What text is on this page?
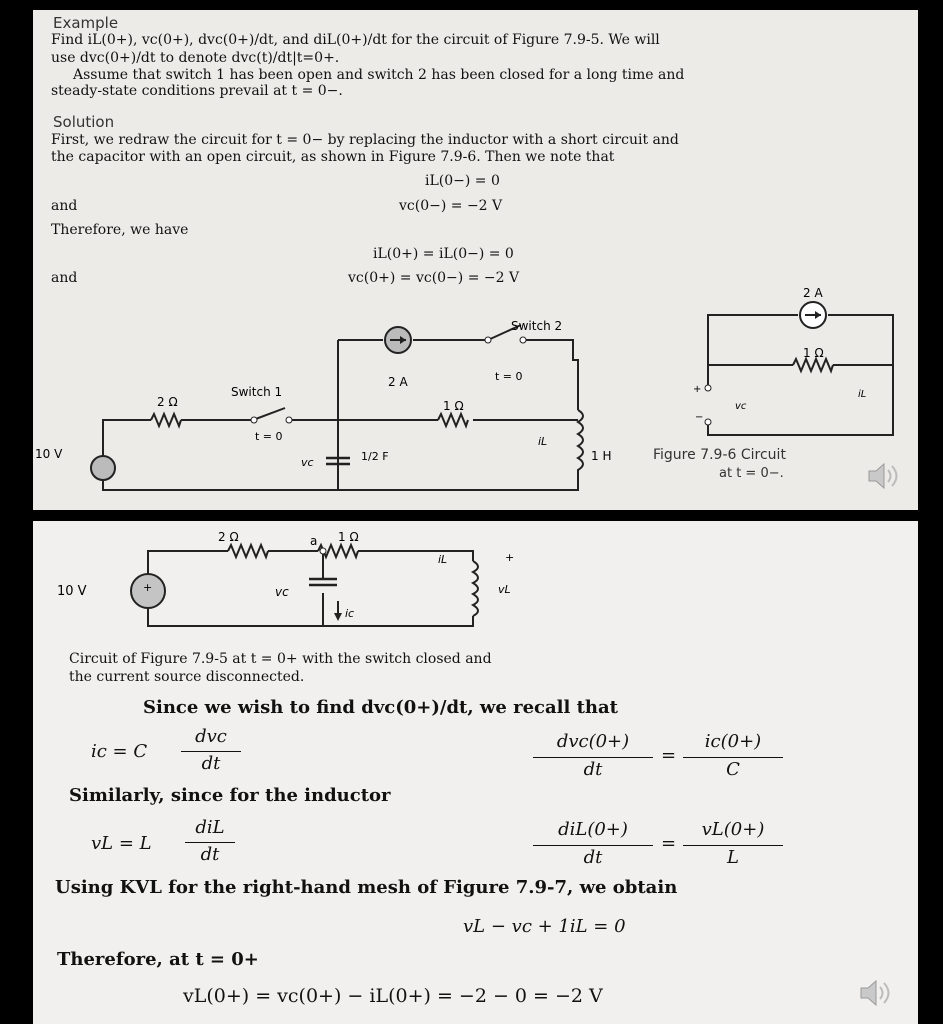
Example
Find iL(0+), vc(0+), dvc(0+)/dt, and diL(0+)/dt for the circuit of Figure 7.9-5. We will
use dvc(0+)/dt to denote dvc(t)/dt|t=0+.
Assume that switch 1 has been open and switch 2 has been closed for a long time and
steady-state conditions prevail at t = 0−.
Solution
First, we redraw the circuit for t = 0− by replacing the inductor with a short circuit and
the capacitor with an open circuit, as shown in Figure 7.9-6. Then we note that
iL(0−) = 0
and	vc(0−) = −2 V
Therefore, we have
iL(0+) = iL(0−) = 0
and	vc(0+) = vc(0−) = −2 V
Switch 1
t = 0
Switch 2
t = 0
2 Ω	1 Ω
10 V
2 A
1/2 F	1 H
vc
iL
2 A
1 Ω
vc
iL
+
−
Figure 7.9-6 Circuit
at t = 0−.
+
2 Ω	a 1 Ω
10 V	vc
ic
iL
vL
+
Circuit of Figure 7.9-5 at t = 0+ with the switch closed and
the current source disconnected.
Since we wish to find dvc(0+)/dt, we recall that
ic = C
dvc
dt
dvc(0+)
dt
=
ic(0+)
C
Similarly, since for the inductor
vL = L
diL
dt
diL(0+)
dt
=
vL(0+)
L
Using KVL for the right-hand mesh of Figure 7.9-7, we obtain
vL − vc + 1iL = 0
Therefore, at t = 0+
vL(0+) = vc(0+) − iL(0+) = −2 − 0 = −2 V
